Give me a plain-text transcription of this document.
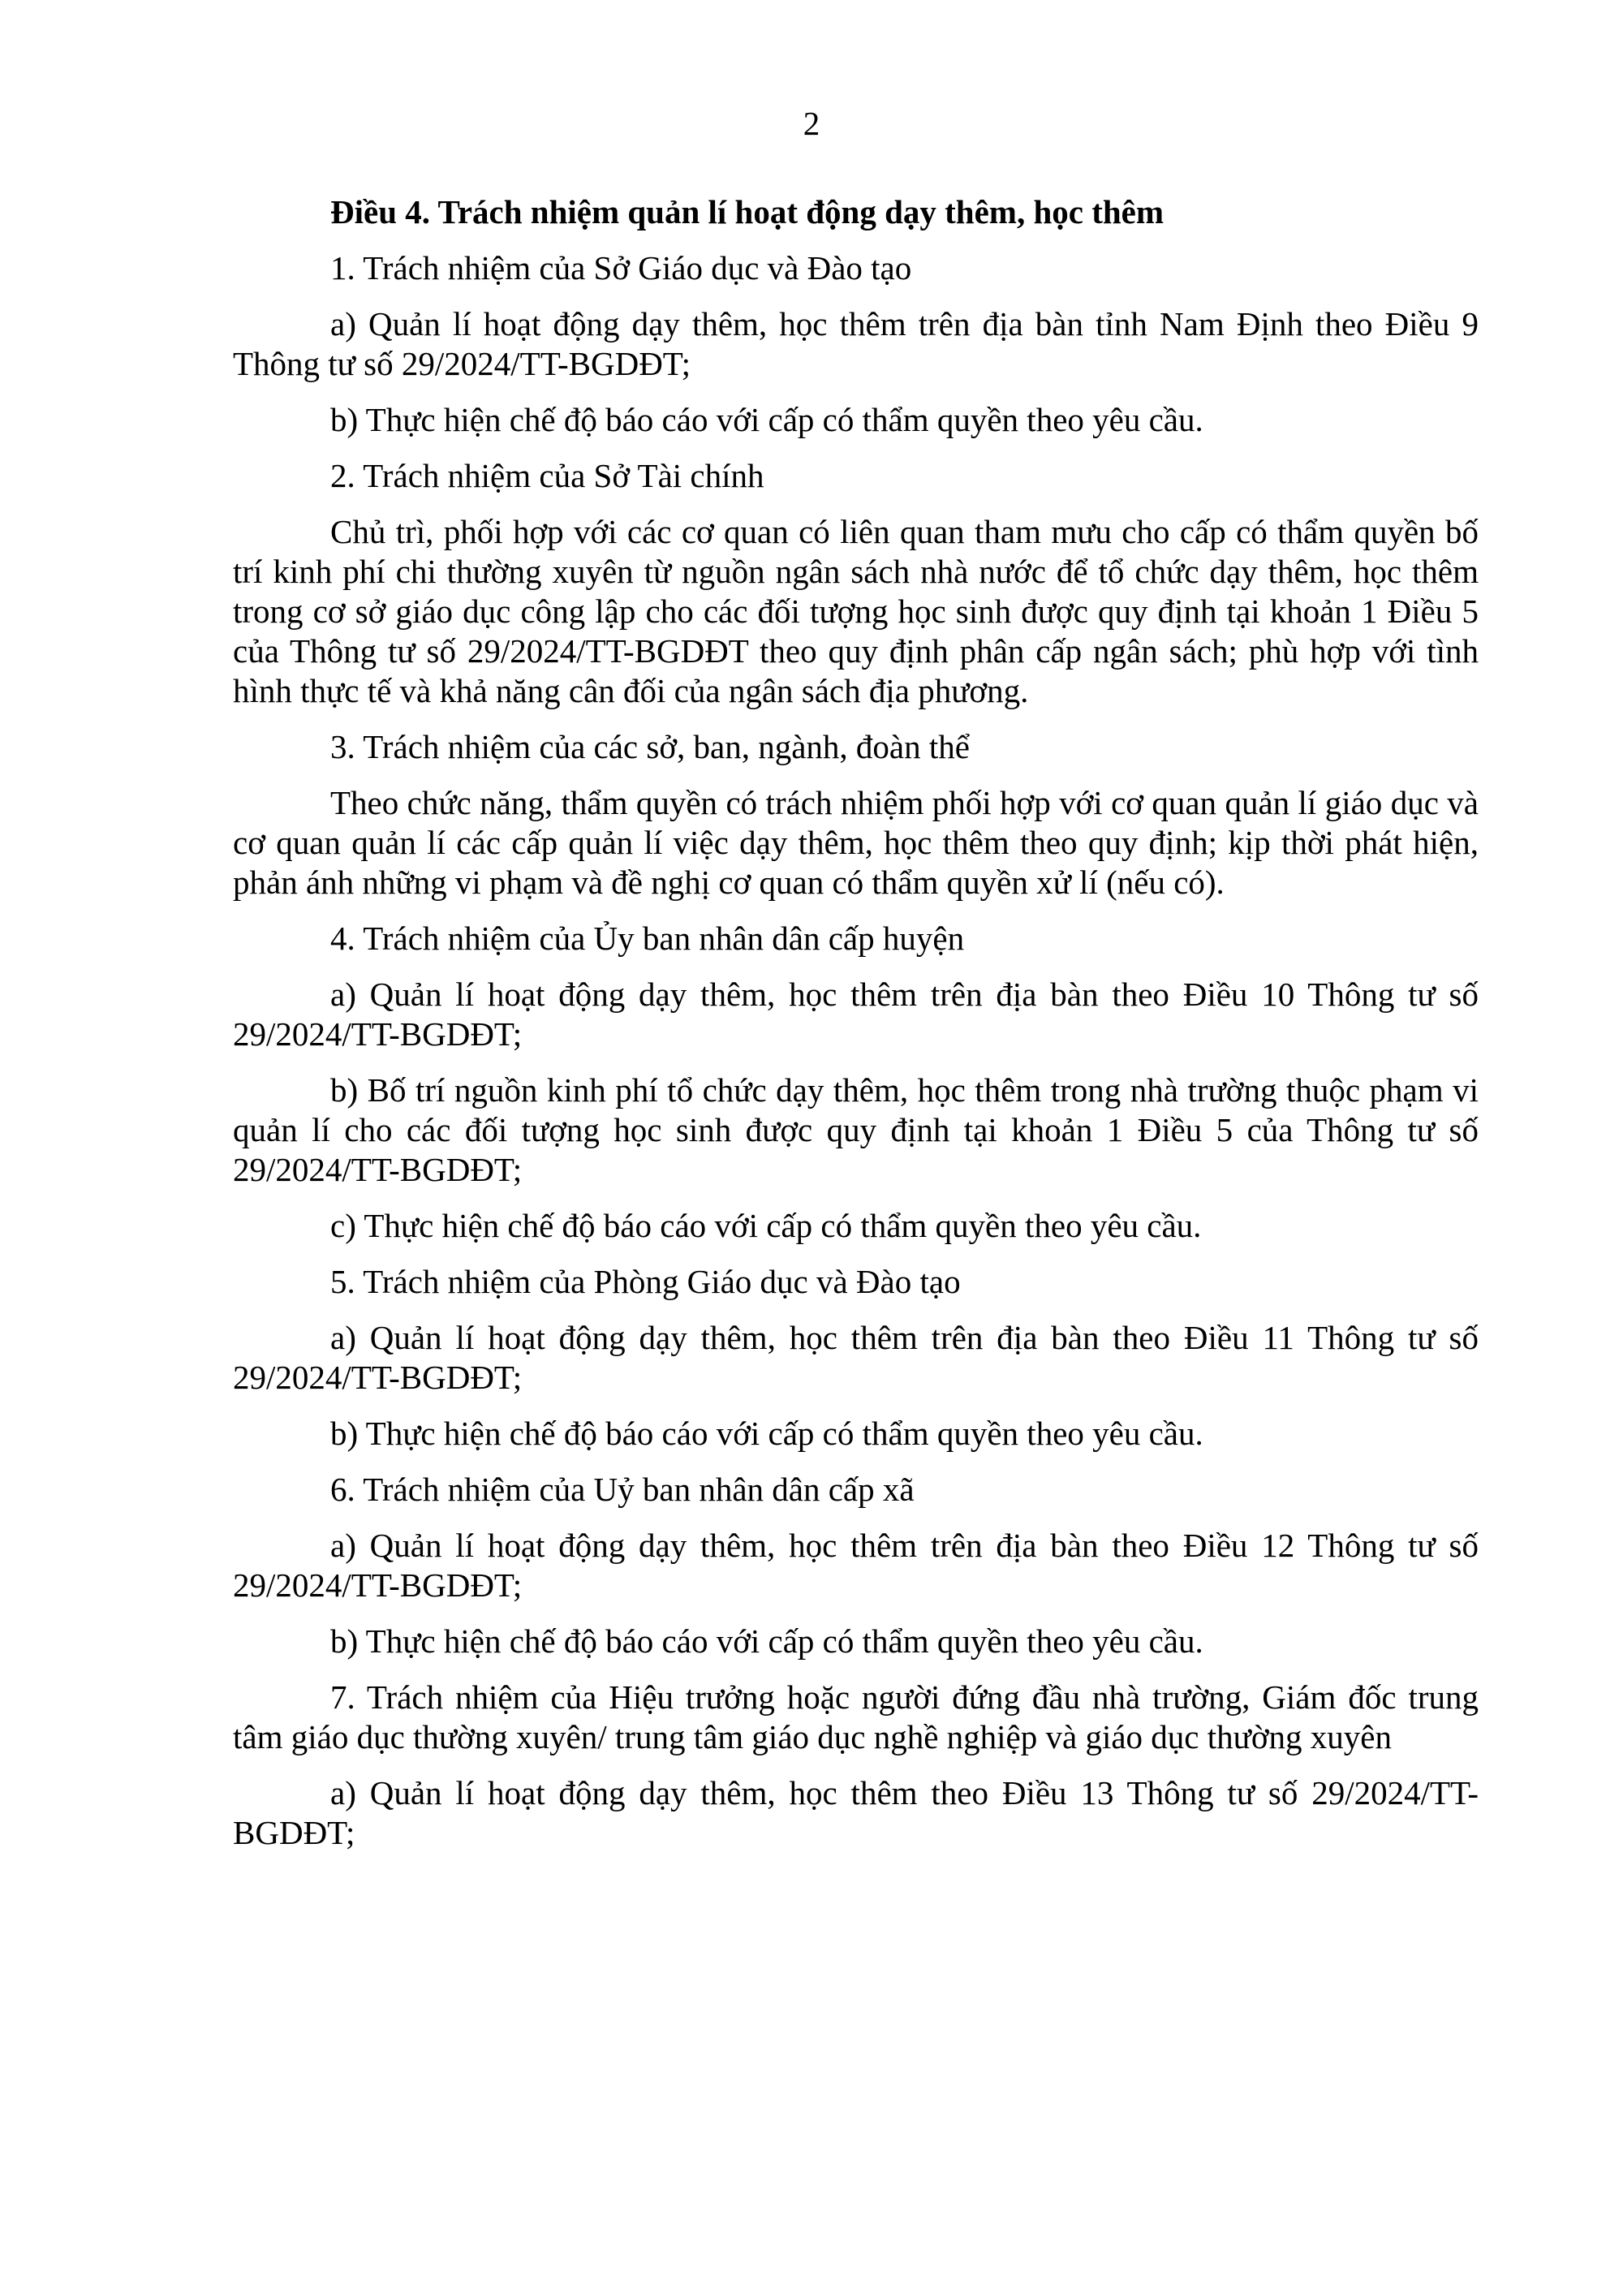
2

Điều 4. Trách nhiệm quản lí hoạt động dạy thêm, học thêm

1. Trách nhiệm của Sở Giáo dục và Đào tạo

a) Quản lí hoạt động dạy thêm, học thêm trên địa bàn tỉnh Nam Định theo Điều 9 Thông tư số 29/2024/TT-BGDĐT;

b) Thực hiện chế độ báo cáo với cấp có thẩm quyền theo yêu cầu.

2. Trách nhiệm của Sở Tài chính

Chủ trì, phối hợp với các cơ quan có liên quan tham mưu cho cấp có thẩm quyền bố trí kinh phí chi thường xuyên từ nguồn ngân sách nhà nước để tổ chức dạy thêm, học thêm trong cơ sở giáo dục công lập cho các đối tượng học sinh được quy định tại khoản 1 Điều 5 của Thông tư số 29/2024/TT-BGDĐT theo quy định phân cấp ngân sách; phù hợp với tình hình thực tế và khả năng cân đối của ngân sách địa phương.

3. Trách nhiệm của các sở, ban, ngành, đoàn thể

Theo chức năng, thẩm quyền có trách nhiệm phối hợp với cơ quan quản lí giáo dục và cơ quan quản lí các cấp quản lí việc dạy thêm, học thêm theo quy định; kịp thời phát hiện, phản ánh những vi phạm và đề nghị cơ quan có thẩm quyền xử lí (nếu có).

4. Trách nhiệm của Ủy ban nhân dân cấp huyện

a) Quản lí hoạt động dạy thêm, học thêm trên địa bàn theo Điều 10 Thông tư số 29/2024/TT-BGDĐT;

b) Bố trí nguồn kinh phí tổ chức dạy thêm, học thêm trong nhà trường thuộc phạm vi quản lí cho các đối tượng học sinh được quy định tại khoản 1 Điều 5 của Thông tư số 29/2024/TT-BGDĐT;

c) Thực hiện chế độ báo cáo với cấp có thẩm quyền theo yêu cầu.

5. Trách nhiệm của Phòng Giáo dục và Đào tạo

a) Quản lí hoạt động dạy thêm, học thêm trên địa bàn theo Điều 11 Thông tư số 29/2024/TT-BGDĐT;

b) Thực hiện chế độ báo cáo với cấp có thẩm quyền theo yêu cầu.

6. Trách nhiệm của Uỷ ban nhân dân cấp xã

a) Quản lí hoạt động dạy thêm, học thêm trên địa bàn theo Điều 12 Thông tư số 29/2024/TT-BGDĐT;

b) Thực hiện chế độ báo cáo với cấp có thẩm quyền theo yêu cầu.

7. Trách nhiệm của Hiệu trưởng hoặc người đứng đầu nhà trường, Giám đốc trung tâm giáo dục thường xuyên/ trung tâm giáo dục nghề nghiệp và giáo dục thường xuyên

a) Quản lí hoạt động dạy thêm, học thêm theo Điều 13 Thông tư số 29/2024/TT-BGDĐT;
